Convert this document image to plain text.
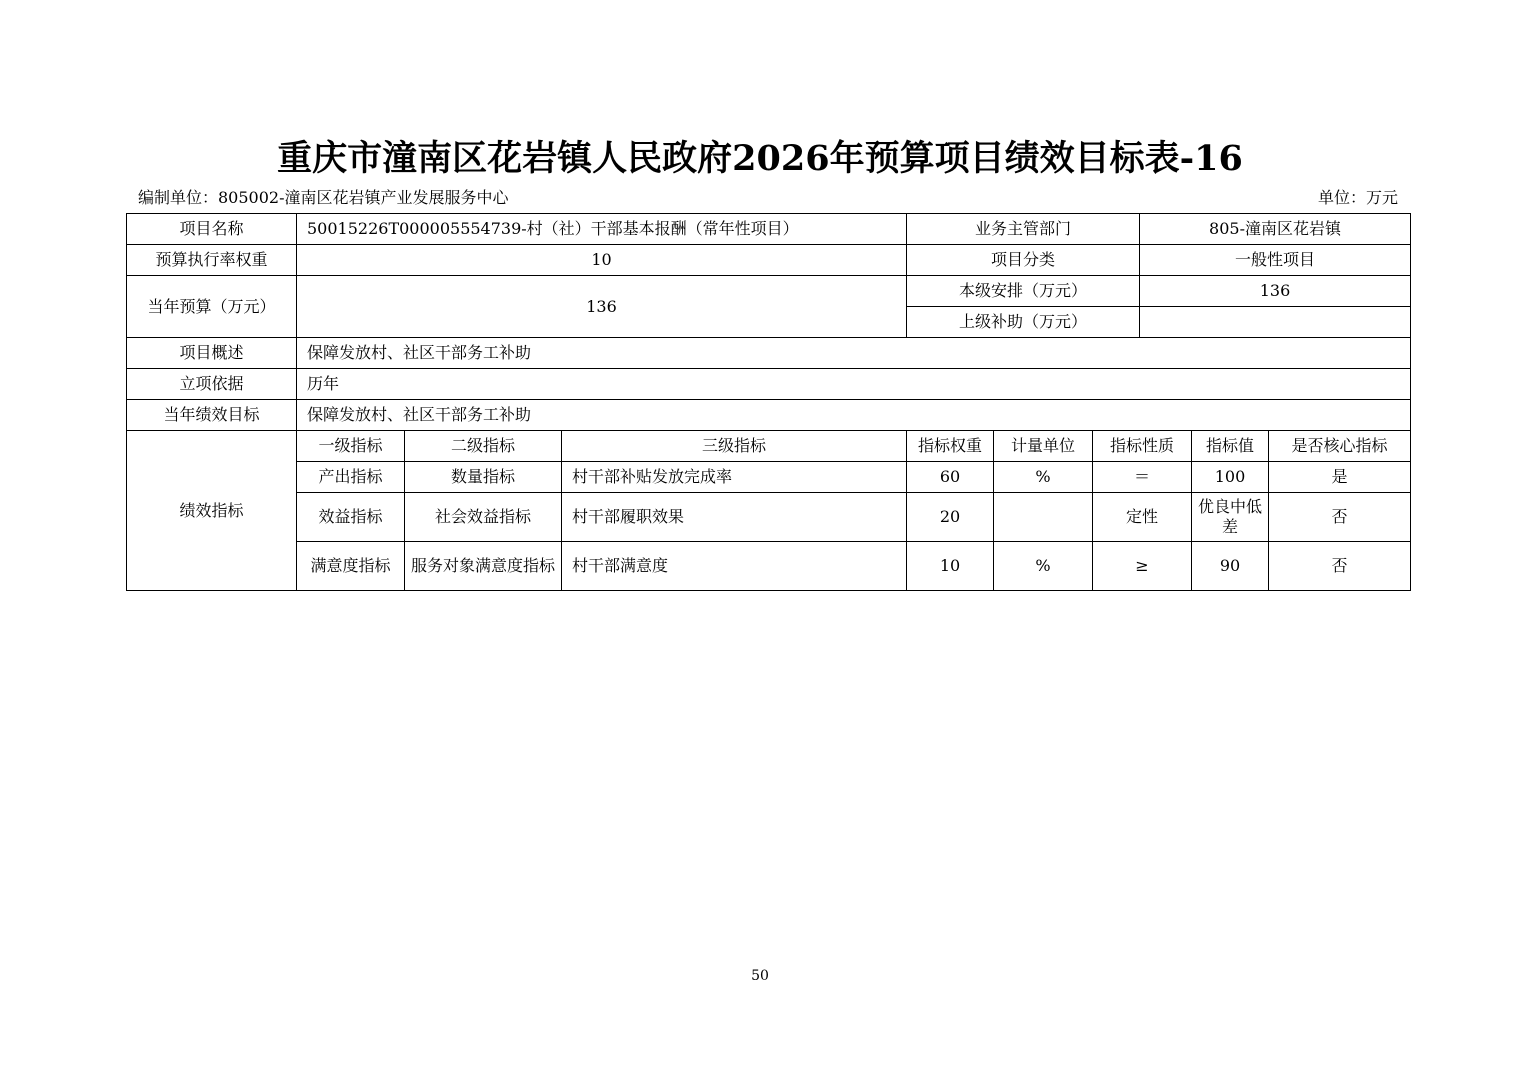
重庆市潼南区花岩镇人民政府2026年预算项目绩效目标表-16
编制单位：805002-潼南区花岩镇产业发展服务中心	单位：万元
项目名称	50015226T000005554739-村（社）干部基本报酬（常年性项目）			业务主管部门			805-潼南区花岩镇		
预算执行率权重	10			项目分类			一般性项目		
当年预算（万元）	136			本级安排（万元）			136		
				上级补助（万元）					
项目概述	保障发放村、社区干部务工补助								
立项依据	历年								
当年绩效目标	保障发放村、社区干部务工补助								
绩效指标	一级指标	二级指标	三级指标	指标权重	计量单位	指标性质		指标值	是否核心指标
	产出指标	数量指标	村干部补贴发放完成率	60	%	＝		100	是
	效益指标	社会效益指标	村干部履职效果	20		定性		优良中低差	否
	满意度指标	服务对象满意度指标	村干部满意度	10	%	≥		90	否
50
